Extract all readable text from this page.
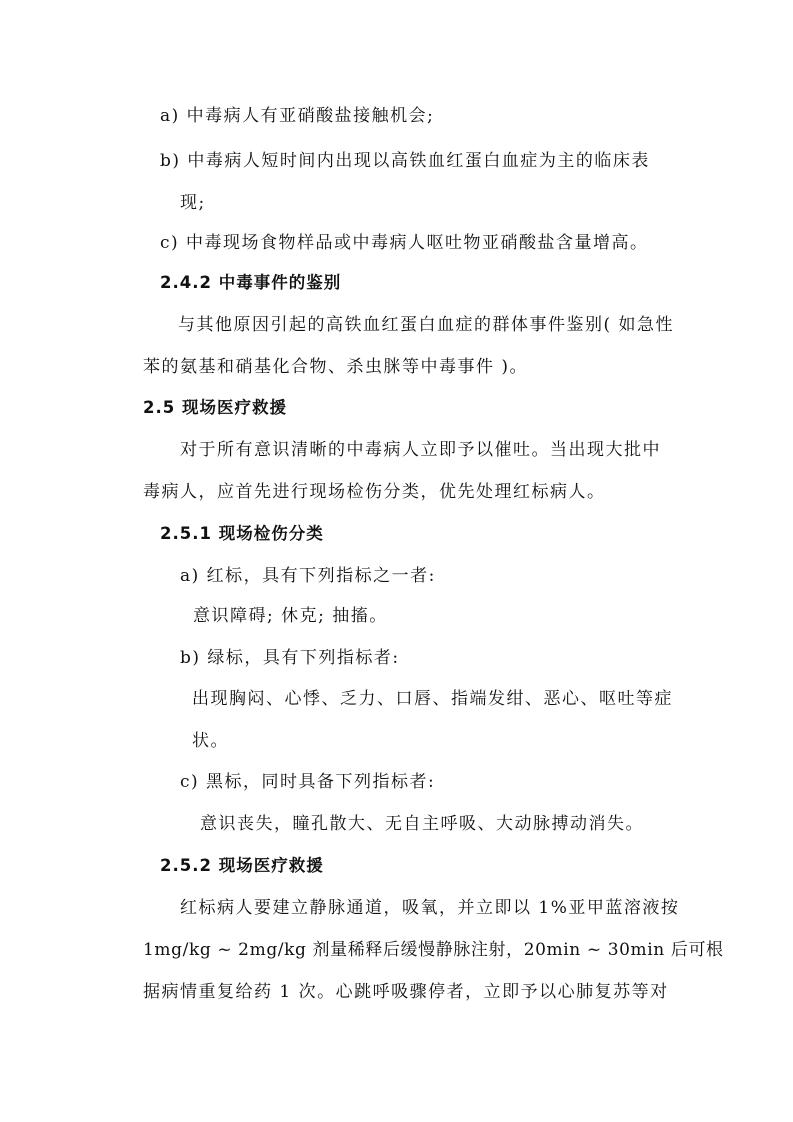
a) 中毒病人有亚硝酸盐接触机会;
b) 中毒病人短时间内出现以高铁血红蛋白血症为主的临床表
现;
c) 中毒现场食物样品或中毒病人呕吐物亚硝酸盐含量增高。
2.4.2 中毒事件的鉴别
与其他原因引起的高铁血红蛋白血症的群体事件鉴别( 如急性
苯的氨基和硝基化合物、杀虫脒等中毒事件 )。
2.5 现场医疗救援
对于所有意识清晰的中毒病人立即予以催吐。当出现大批中
毒病人，应首先进行现场检伤分类，优先处理红标病人。
2.5.1 现场检伤分类
a) 红标，具有下列指标之一者:
意识障碍; 休克; 抽搐。
b) 绿标，具有下列指标者:
出现胸闷、心悸、乏力、口唇、指端发绀、恶心、呕吐等症
状。
c) 黑标，同时具备下列指标者:
意识丧失，瞳孔散大、无自主呼吸、大动脉搏动消失。
2.5.2 现场医疗救援
红标病人要建立静脉通道，吸氧，并立即以 1%亚甲蓝溶液按
1mg/kg ~ 2mg/kg 剂量稀释后缓慢静脉注射，20min ~ 30min 后可根
据病情重复给药 1 次。心跳呼吸骤停者，立即予以心肺复苏等对
